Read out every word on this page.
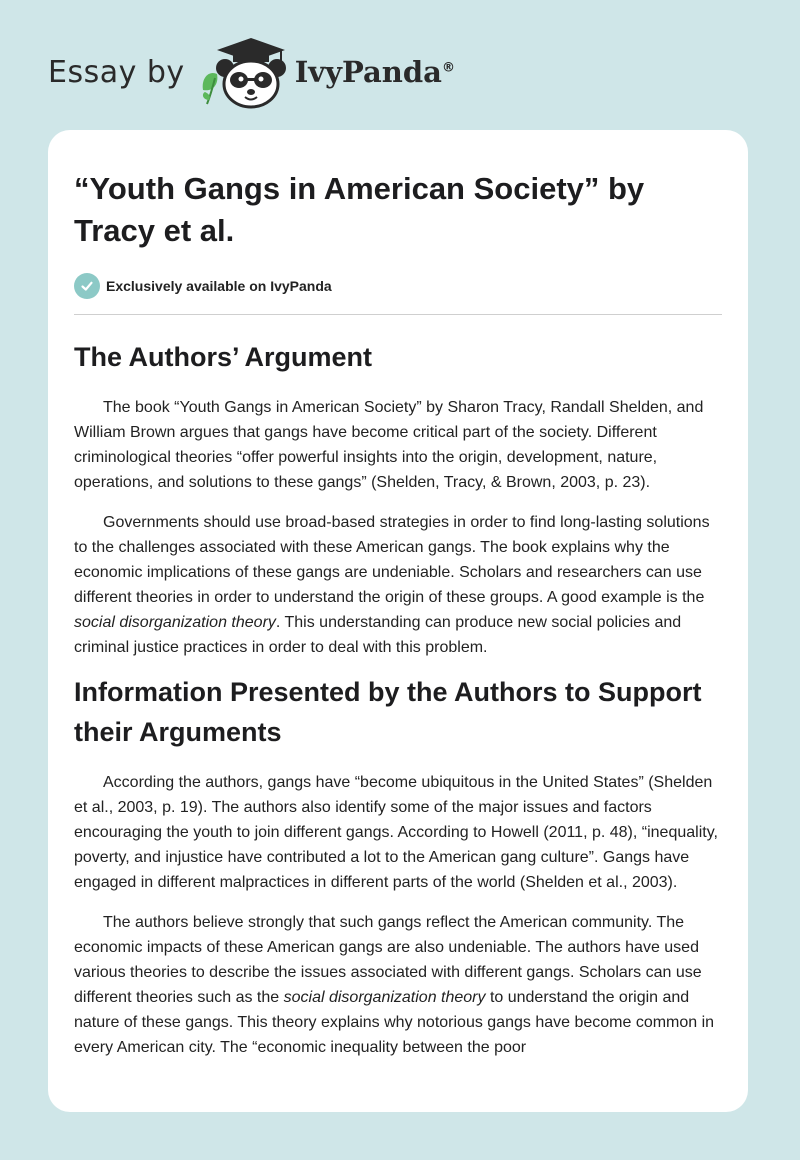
Essay by	IvyPanda®
“Youth Gangs in American Society” by Tracy et al.
Exclusively available on IvyPanda
The Authors’ Argument

The book “Youth Gangs in American Society” by Sharon Tracy, Randall Shelden, and William Brown argues that gangs have become critical part of the society. Different criminological theories “offer powerful insights into the origin, development, nature, operations, and solutions to these gangs” (Shelden, Tracy, & Brown, 2003, p. 23).

Governments should use broad-based strategies in order to find long-lasting solutions to the challenges associated with these American gangs. The book explains why the economic implications of these gangs are undeniable. Scholars and researchers can use different theories in order to understand the origin of these groups. A good example is the social disorganization theory. This understanding can produce new social policies and criminal justice practices in order to deal with this problem.

Information Presented by the Authors to Support their Arguments

According the authors, gangs have “become ubiquitous in the United States” (Shelden et al., 2003, p. 19). The authors also identify some of the major issues and factors encouraging the youth to join different gangs. According to Howell (2011, p. 48), “inequality, poverty, and injustice have contributed a lot to the American gang culture”. Gangs have engaged in different malpractices in different parts of the world (Shelden et al., 2003).

The authors believe strongly that such gangs reflect the American community. The economic impacts of these American gangs are also undeniable. The authors have used various theories to describe the issues associated with different gangs. Scholars can use different theories such as the social disorganization theory to understand the origin and nature of these gangs. This theory explains why notorious gangs have become common in every American city. The “economic inequality between the poor
